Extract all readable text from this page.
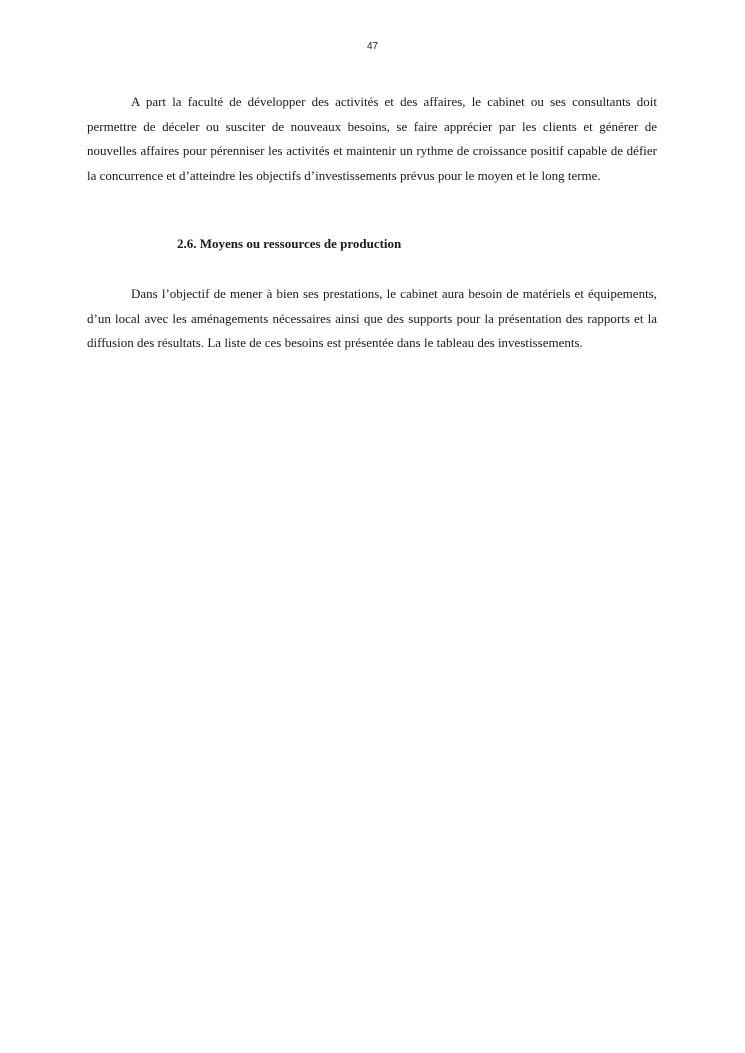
47

A part la faculté de développer des activités et des affaires, le cabinet ou ses consultants doit permettre de déceler ou susciter de nouveaux besoins, se faire apprécier par les clients et générer de nouvelles affaires pour pérenniser les activités et maintenir un rythme de croissance positif capable de défier la concurrence et d’atteindre les objectifs d’investissements prévus pour le moyen et le long terme.

2.6. Moyens ou ressources de production

Dans l’objectif de mener à bien ses prestations, le cabinet aura besoin de matériels et équipements, d’un local avec les aménagements nécessaires ainsi que des supports pour la présentation des rapports et la diffusion des résultats. La liste de ces besoins est présentée dans le tableau des investissements.
